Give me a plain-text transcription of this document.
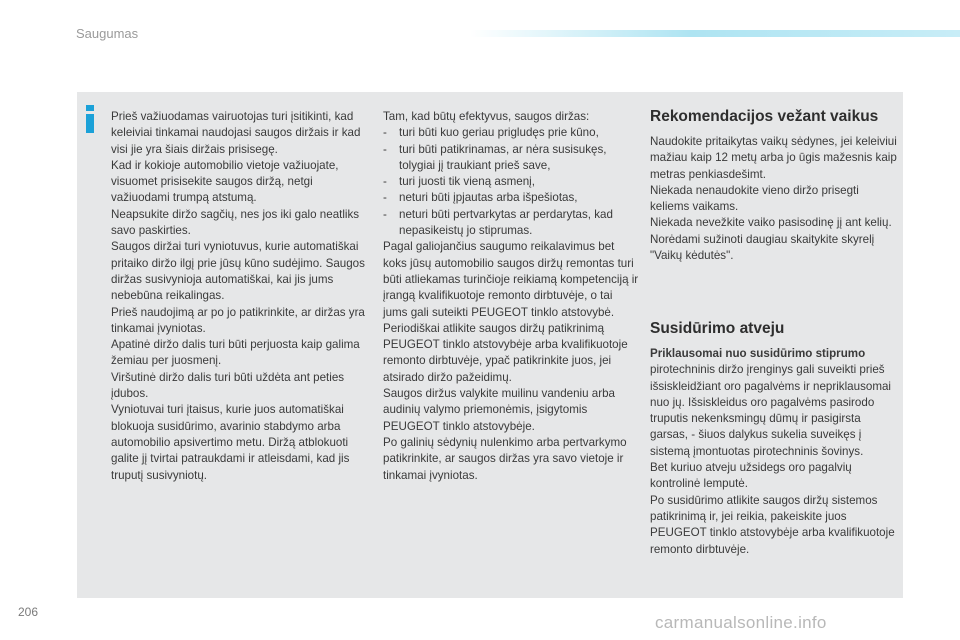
Saugumas

Prieš važiuodamas vairuotojas turi įsitikinti, kad keleiviai tinkamai naudojasi saugos diržais ir kad visi jie yra šiais diržais prisisegę.

Kad ir kokioje automobilio vietoje važiuojate, visuomet prisisekite saugos diržą, netgi važiuodami trumpą atstumą.

Neapsukite diržo sagčių, nes jos iki galo neatliks savo paskirties.

Saugos diržai turi vyniotuvus, kurie automatiškai pritaiko diržo ilgį prie jūsų kūno sudėjimo. Saugos diržas susivynioja automatiškai, kai jis jums nebebūna reikalingas.

Prieš naudojimą ar po jo patikrinkite, ar diržas yra tinkamai įvyniotas.

Apatinė diržo dalis turi būti perjuosta kaip galima žemiau per juosmenį.

Viršutinė diržo dalis turi būti uždėta ant peties įdubos.

Vyniotuvai turi įtaisus, kurie juos automatiškai blokuoja susidūrimo, avarinio stabdymo arba automobilio apsivertimo metu. Diržą atblokuoti galite jį tvirtai patraukdami ir atleisdami, kad jis truputį susivyniotų.

Tam, kad būtų efektyvus, saugos diržas:

-	turi būti kuo geriau prigludęs prie kūno,
-	turi būti patikrinamas, ar nėra susisukęs, tolygiai jį traukiant prieš save,
-	turi juosti tik vieną asmenį,
-	neturi būti įpjautas arba išpešiotas,
-	neturi būti pertvarkytas ar perdarytas, kad nepasikeistų jo stiprumas.

Pagal galiojančius saugumo reikalavimus bet koks jūsų automobilio saugos diržų remontas turi būti atliekamas turinčioje reikiamą kompetenciją ir įrangą kvalifikuotoje remonto dirbtuvėje, o tai jums gali suteikti PEUGEOT tinklo atstovybė.

Periodiškai atlikite saugos diržų patikrinimą PEUGEOT tinklo atstovybėje arba kvalifikuotoje remonto dirbtuvėje, ypač patikrinkite juos, jei atsirado diržo pažeidimų.

Saugos diržus valykite muilinu vandeniu arba audinių valymo priemonėmis, įsigytomis PEUGEOT tinklo atstovybėje.

Po galinių sėdynių nulenkimo arba pertvarkymo patikrinkite, ar saugos diržas yra savo vietoje ir tinkamai įvyniotas.

Rekomendacijos vežant vaikus

Naudokite pritaikytas vaikų sėdynes, jei keleiviui mažiau kaip 12 metų arba jo ūgis mažesnis kaip metras penkiasdešimt.

Niekada nenaudokite vieno diržo prisegti keliems vaikams.

Niekada nevežkite vaiko pasisodinę jį ant kelių.

Norėdami sužinoti daugiau skaitykite skyrelį "Vaikų kėdutės".

Susidūrimo atveju

Priklausomai nuo susidūrimo stiprumo pirotechninis diržo įrenginys gali suveikti prieš išsiskleidžiant oro pagalvėms ir nepriklausomai nuo jų. Išsiskleidus oro pagalvėms pasirodo truputis nekenksmingų dūmų ir pasigirsta garsas, - šiuos dalykus sukelia suveikęs į sistemą įmontuotas pirotechninis šovinys.

Bet kuriuo atveju užsidegs oro pagalvių kontrolinė lemputė.

Po susidūrimo atlikite saugos diržų sistemos patikrinimą ir, jei reikia, pakeiskite juos PEUGEOT tinklo atstovybėje arba kvalifikuotoje remonto dirbtuvėje.

206
carmanualsonline.info
